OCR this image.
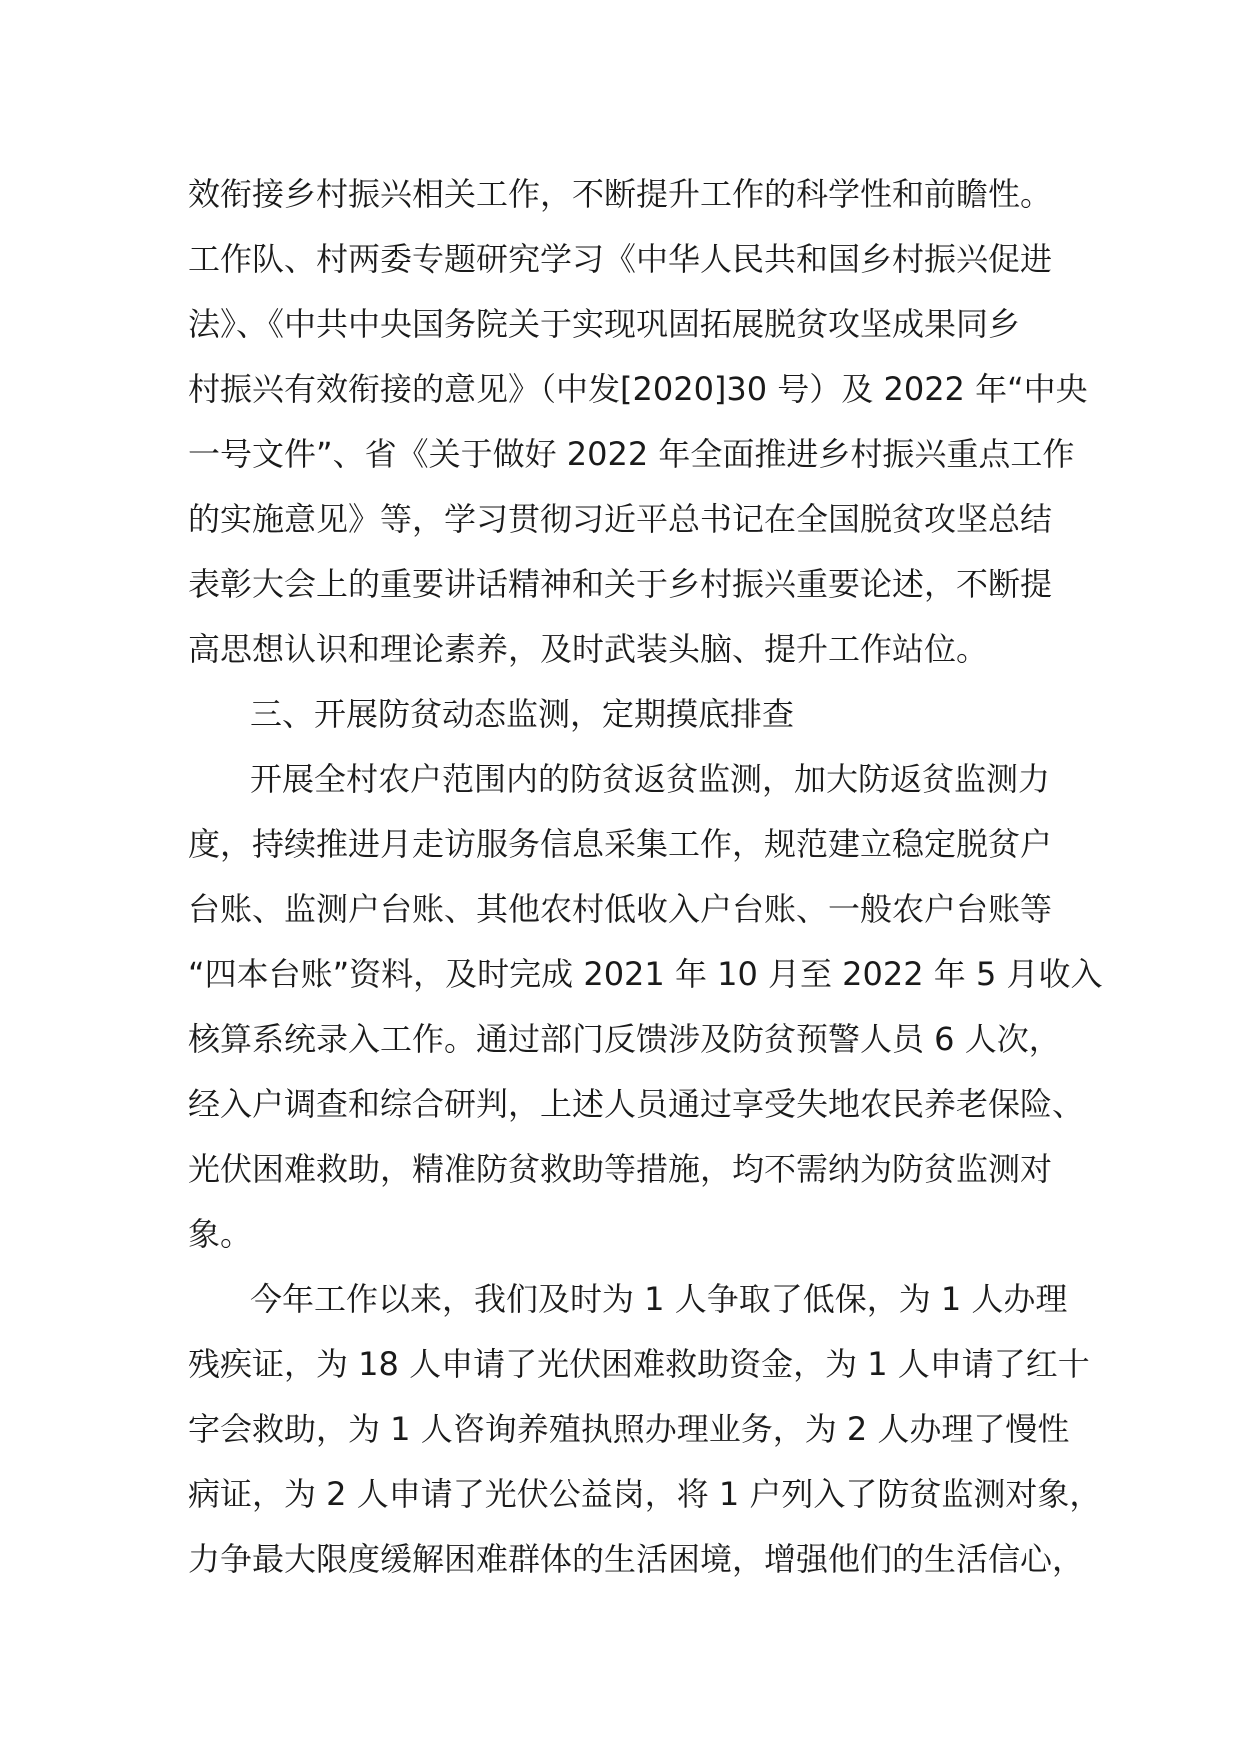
效衔接乡村振兴相关工作，不断提升工作的科学性和前瞻性。
工作队、村两委专题研究学习《中华人民共和国乡村振兴促进
法》、《中共中央国务院关于实现巩固拓展脱贫攻坚成果同乡
村振兴有效衔接的意见》（中发[2020]30 号）及 2022 年“中央
一号文件”、省《关于做好 2022 年全面推进乡村振兴重点工作
的实施意见》等，学习贯彻习近平总书记在全国脱贫攻坚总结
表彰大会上的重要讲话精神和关于乡村振兴重要论述，不断提
高思想认识和理论素养，及时武装头脑、提升工作站位。
三、开展防贫动态监测，定期摸底排查
开展全村农户范围内的防贫返贫监测，加大防返贫监测力
度，持续推进月走访服务信息采集工作，规范建立稳定脱贫户
台账、监测户台账、其他农村低收入户台账、一般农户台账等
“四本台账”资料，及时完成 2021 年 10 月至 2022 年 5 月收入
核算系统录入工作。通过部门反馈涉及防贫预警人员 6 人次，
经入户调查和综合研判，上述人员通过享受失地农民养老保险、
光伏困难救助，精准防贫救助等措施，均不需纳为防贫监测对
象。
今年工作以来，我们及时为 1 人争取了低保，为 1 人办理
残疾证，为 18 人申请了光伏困难救助资金，为 1 人申请了红十
字会救助，为 1 人咨询养殖执照办理业务，为 2 人办理了慢性
病证，为 2 人申请了光伏公益岗，将 1 户列入了防贫监测对象，
力争最大限度缓解困难群体的生活困境，增强他们的生活信心，
